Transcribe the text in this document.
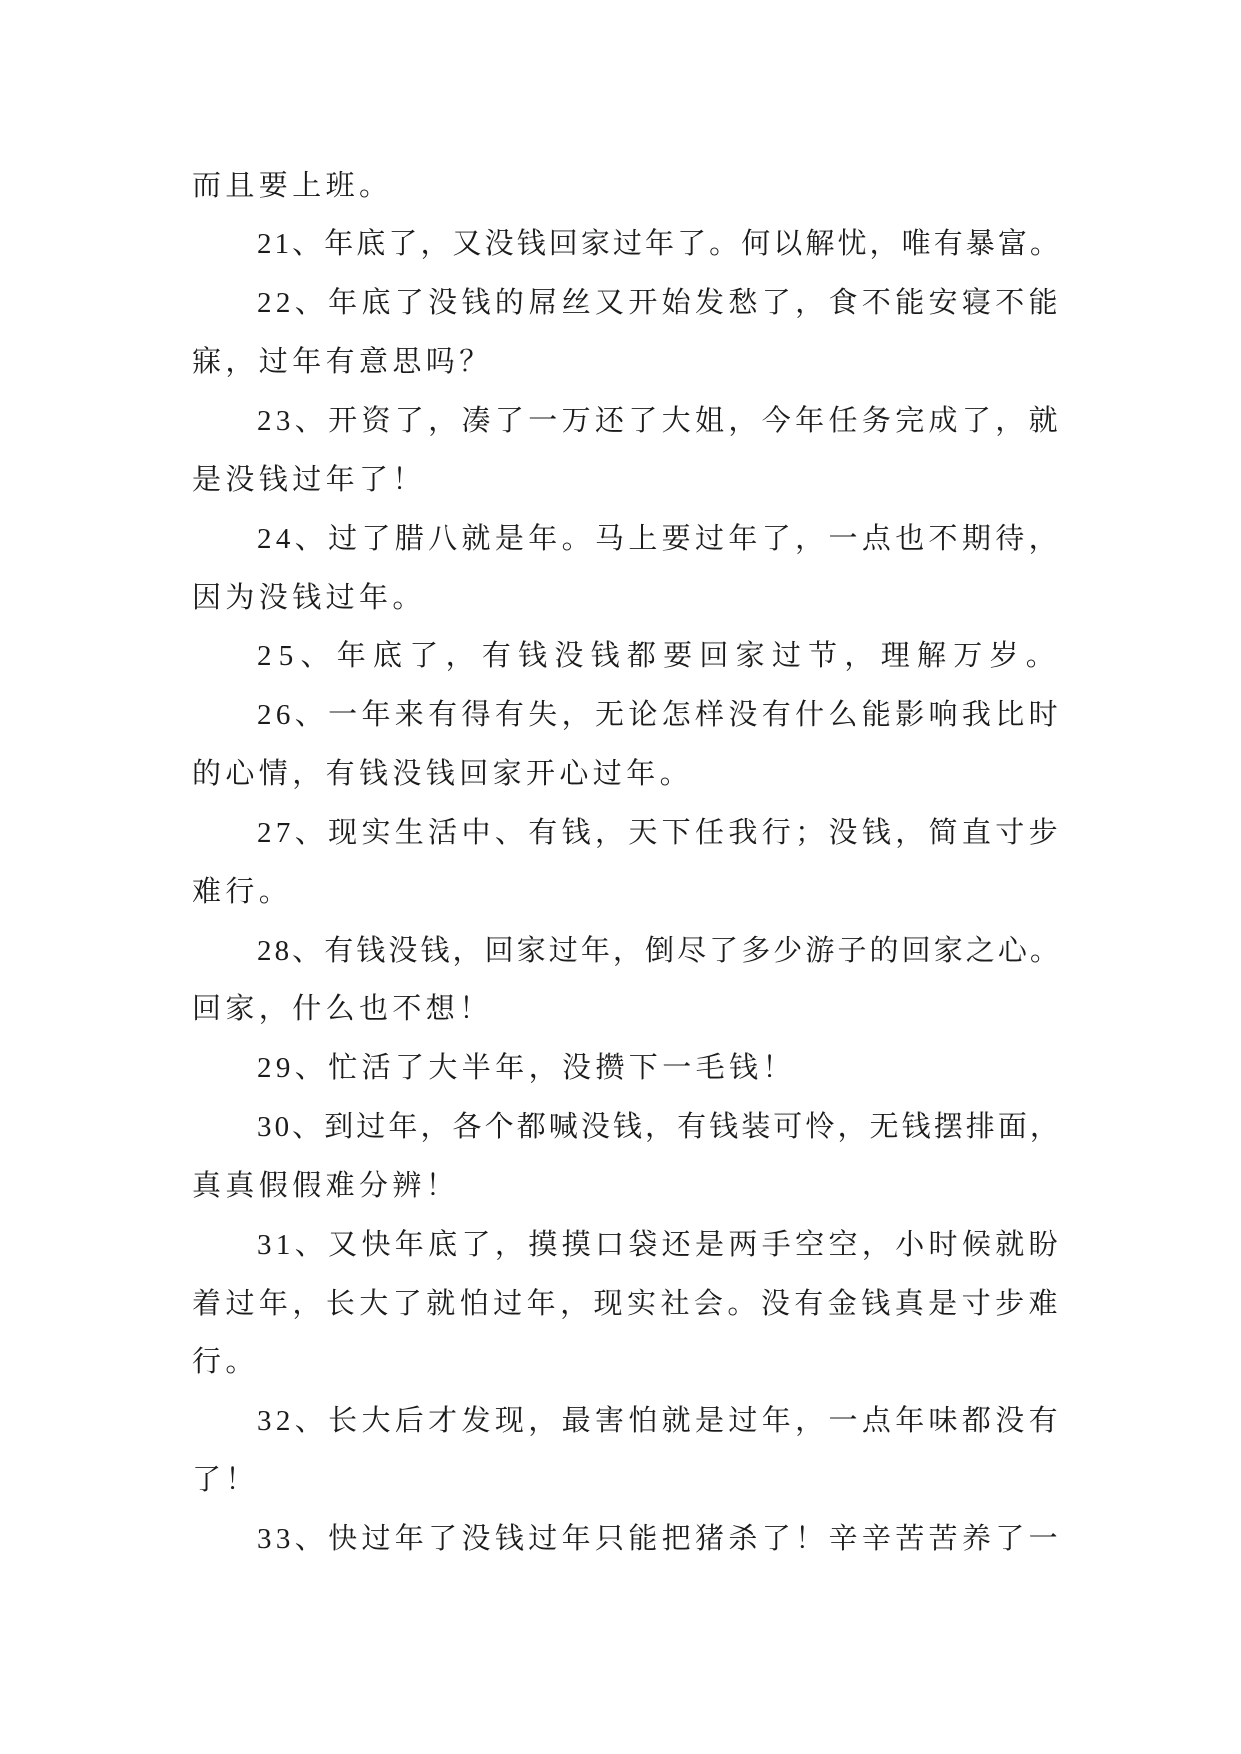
而且要上班。
21、年底了，又没钱回家过年了。何以解忧，唯有暴富。
22、年底了没钱的屌丝又开始发愁了，食不能安寝不能
寐，过年有意思吗？
23、开资了，凑了一万还了大姐，今年任务完成了，就
是没钱过年了！
24、过了腊八就是年。马上要过年了，一点也不期待，
因为没钱过年。
25、年底了，有钱没钱都要回家过节，理解万岁。
26、一年来有得有失，无论怎样没有什么能影响我比时
的心情，有钱没钱回家开心过年。
27、现实生活中、有钱，天下任我行；没钱，简直寸步
难行。
28、有钱没钱，回家过年，倒尽了多少游子的回家之心。
回家，什么也不想！
29、忙活了大半年，没攒下一毛钱！
30、到过年，各个都喊没钱，有钱装可怜，无钱摆排面，
真真假假难分辨！
31、又快年底了，摸摸口袋还是两手空空，小时候就盼
着过年，长大了就怕过年，现实社会。没有金钱真是寸步难
行。
32、长大后才发现，最害怕就是过年，一点年味都没有
了！
33、快过年了没钱过年只能把猪杀了！辛辛苦苦养了一
